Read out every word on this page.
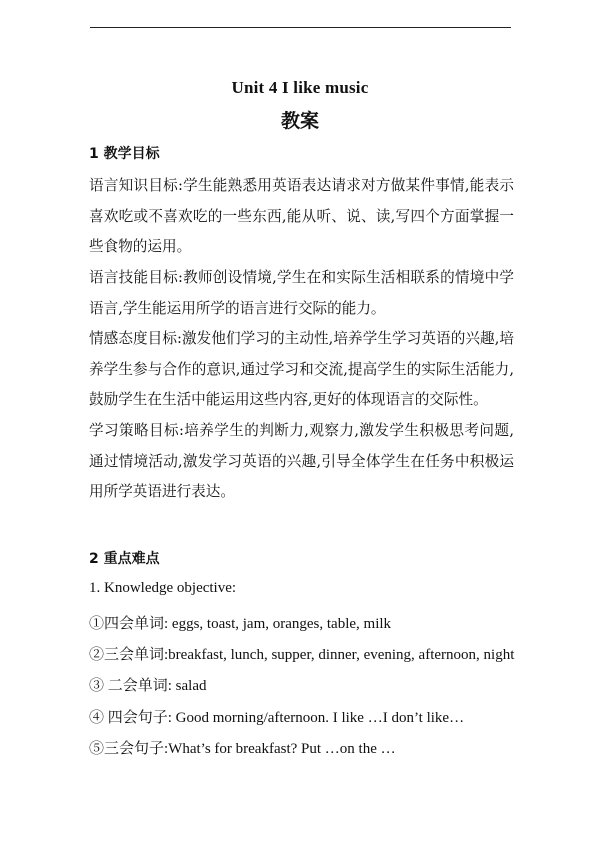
Unit 4 I like music
教案
1 教学目标
语言知识目标:学生能熟悉用英语表达请求对方做某件事情,能表示喜欢吃或不喜欢吃的一些东西,能从听、说、读,写四个方面掌握一些食物的运用。
语言技能目标:教师创设情境,学生在和实际生活相联系的情境中学语言,学生能运用所学的语言进行交际的能力。
情感态度目标:激发他们学习的主动性,培养学生学习英语的兴趣,培养学生参与合作的意识,通过学习和交流,提高学生的实际生活能力,鼓励学生在生活中能运用这些内容,更好的体现语言的交际性。
学习策略目标:培养学生的判断力,观察力,激发学生积极思考问题,通过情境活动,激发学习英语的兴趣,引导全体学生在任务中积极运用所学英语进行表达。
2 重点难点
1. Knowledge objective:
①四会单词: eggs, toast, jam, oranges, table, milk
②三会单词:breakfast, lunch, supper, dinner, evening, afternoon, night
③ 二会单词: salad
④ 四会句子: Good morning/afternoon. I like …I don’t like…
⑤三会句子:What’s for breakfast? Put …on the …
